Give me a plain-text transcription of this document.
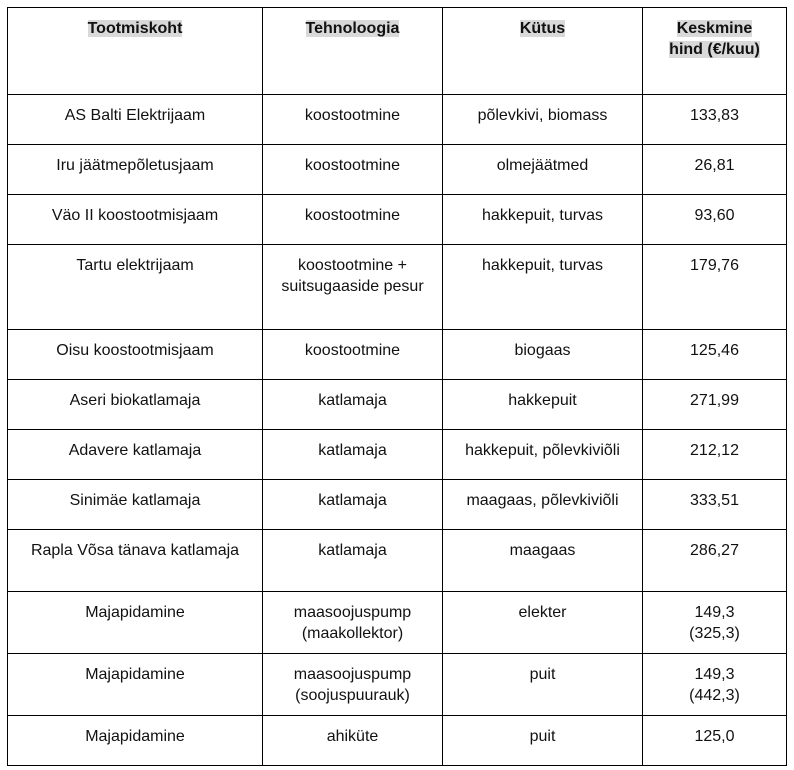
Tootmiskoht	Tehnoloogia	Kütus	Keskmine hind (€/kuu)
AS Balti Elektrijaam	koostootmine	põlevkivi, biomass	133,83
Iru jäätmepõletusjaam	koostootmine	olmejäätmed	26,81
Väo II koostootmisjaam	koostootmine	hakkepuit, turvas	93,60
Tartu elektrijaam	koostootmine + suitsugaaside pesur	hakkepuit, turvas	179,76
Oisu koostootmisjaam	koostootmine	biogaas	125,46
Aseri biokatlamaja	katlamaja	hakkepuit	271,99
Adavere katlamaja	katlamaja	hakkepuit, põlevkiviõli	212,12
Sinimäe katlamaja	katlamaja	maagaas, põlevkiviõli	333,51
Rapla Võsa tänava katlamaja	katlamaja	maagaas	286,27
Majapidamine	maasoojuspump (maakollektor)	elekter	149,3 (325,3)
Majapidamine	maasoojuspump (soojuspuurauk)	puit	149,3 (442,3)
Majapidamine	ahiküte	puit	125,0
